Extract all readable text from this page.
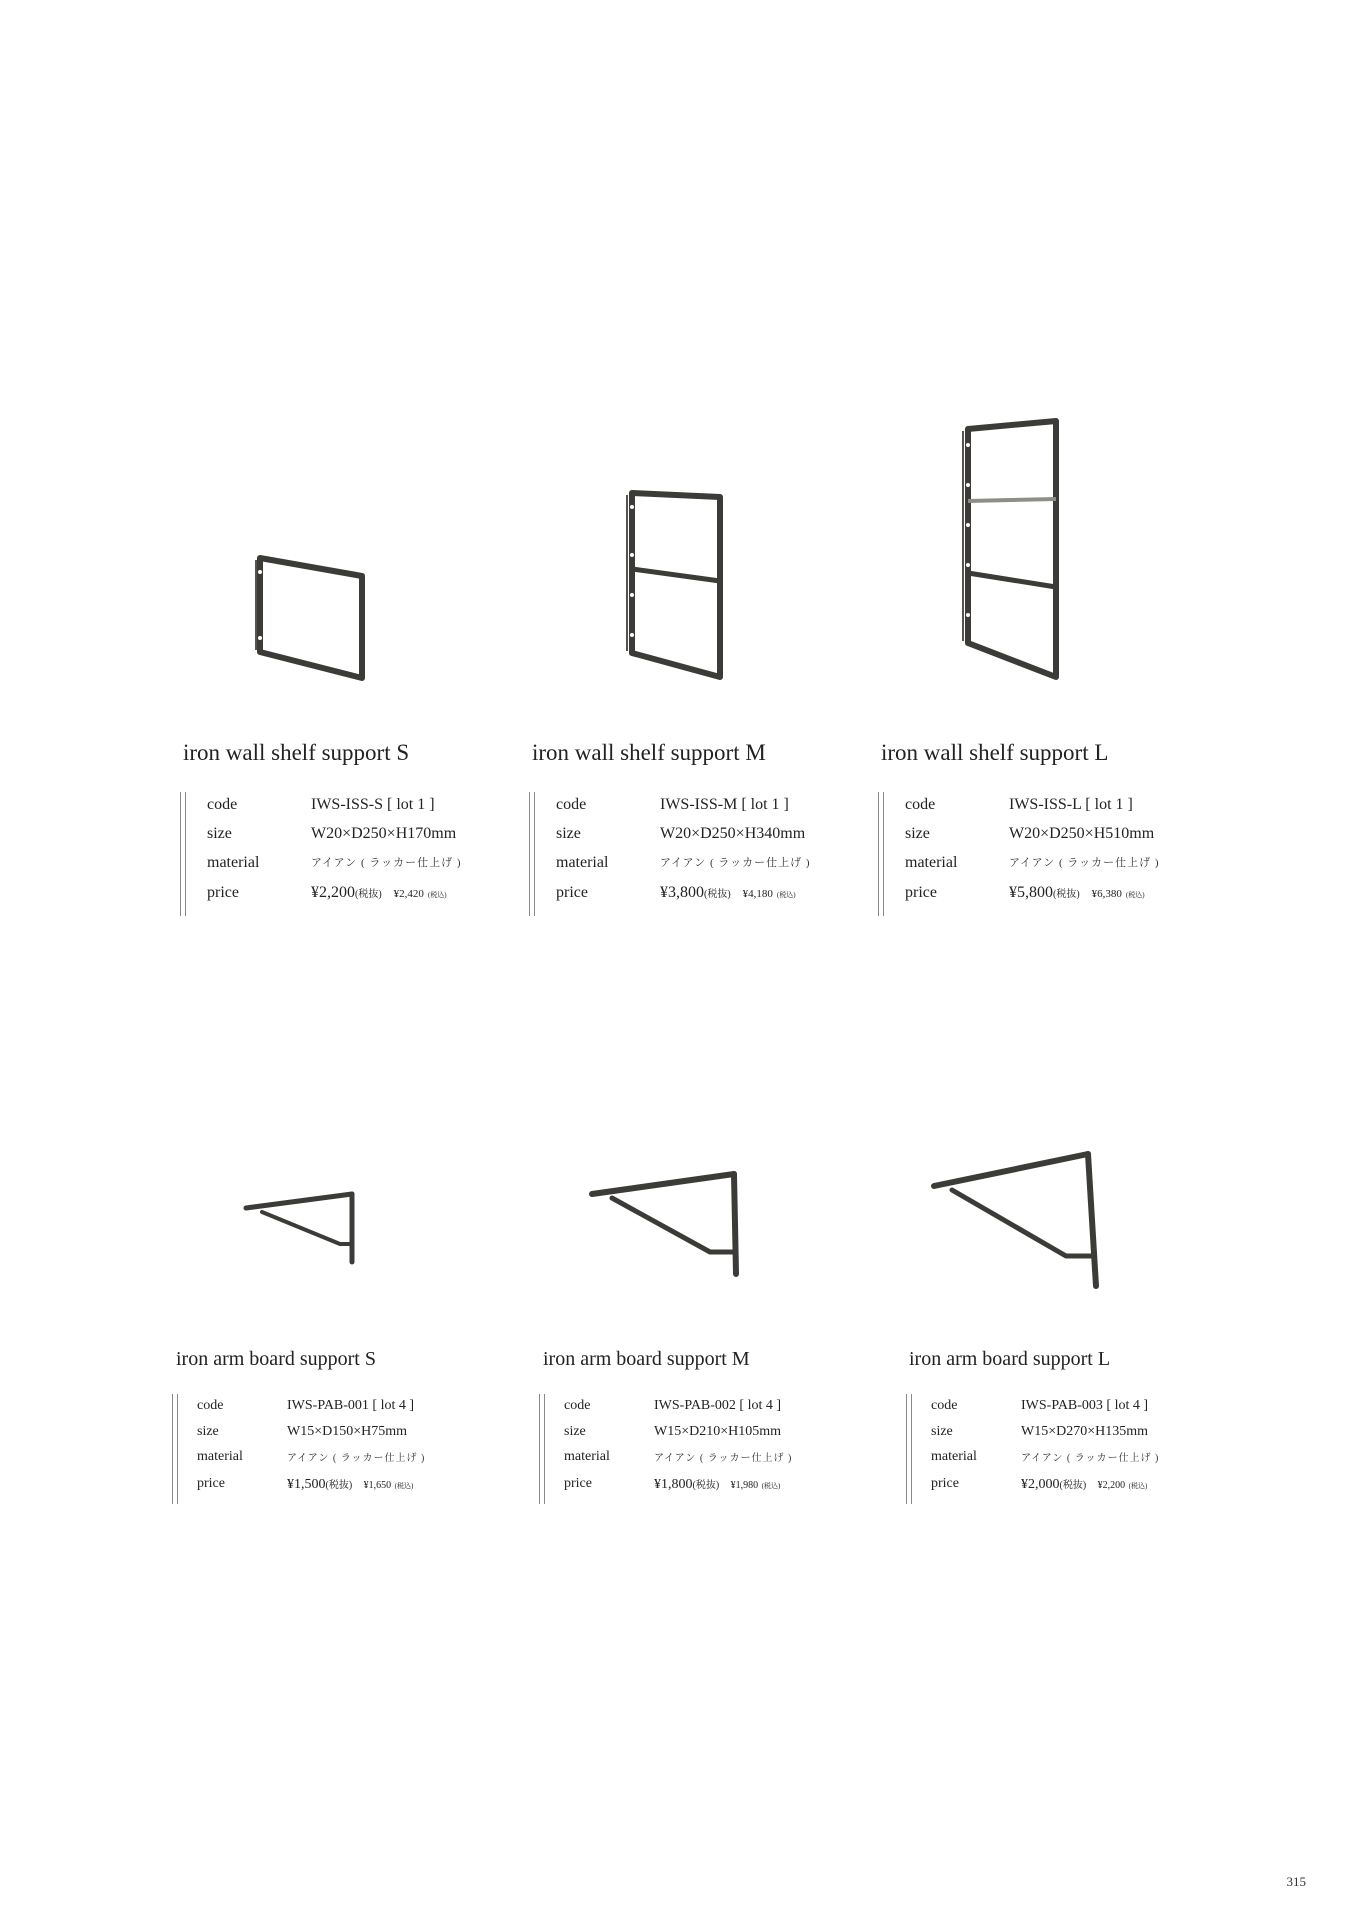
iron wall shelf support S
code	IWS-ISS-S [ lot 1 ]
size	W20×D250×H170mm
material	アイアン ( ラッカー仕上げ )
price	¥2,200(税抜) ¥2,420 (税込)
iron wall shelf support M
code	IWS-ISS-M [ lot 1 ]
size	W20×D250×H340mm
material	アイアン ( ラッカー仕上げ )
price	¥3,800(税抜) ¥4,180 (税込)
iron wall shelf support L
code	IWS-ISS-L [ lot 1 ]
size	W20×D250×H510mm
material	アイアン ( ラッカー仕上げ )
price	¥5,800(税抜) ¥6,380 (税込)
iron arm board support S
code	IWS-PAB-001 [ lot 4 ]
size	W15×D150×H75mm
material	アイアン ( ラッカー仕上げ )
price	¥1,500(税抜) ¥1,650 (税込)
iron arm board support M
code	IWS-PAB-002 [ lot 4 ]
size	W15×D210×H105mm
material	アイアン ( ラッカー仕上げ )
price	¥1,800(税抜) ¥1,980 (税込)
iron arm board support L
code	IWS-PAB-003 [ lot 4 ]
size	W15×D270×H135mm
material	アイアン ( ラッカー仕上げ )
price	¥2,000(税抜) ¥2,200 (税込)
315
